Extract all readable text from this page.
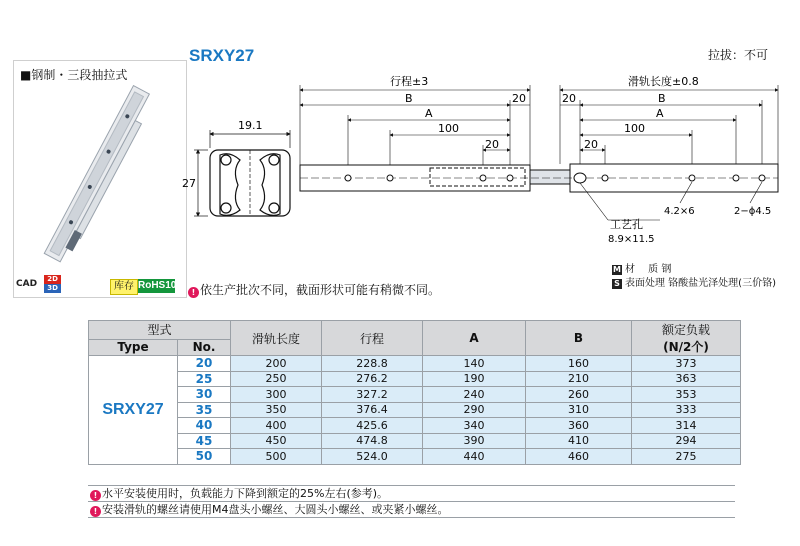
■钢制・三段抽拉式
CAD	2D
3D	库存 RoHS10
SRXY27	拉拔：不可
19.1
27
行程±3
B	20
A
100
20
滑轨长度±0.8
20
A
100
20
B
工艺孔
8.9×11.5
4.2×6	2−ϕ4.5
! 依生产批次不同，截面形状可能有稍微不同。
M 材　 质 钢
S 表面处理 铬酸盐光泽处理(三价铬)
型式		滑轨长度	行程	A	B	额定负载
(N/2个)
Type	No.					
SRXY27	20	200	228.8	140	160	373
	25	250	276.2	190	210	363
	30	300	327.2	240	260	353
	35	350	376.4	290	310	333
	40	400	425.6	340	360	314
	45	450	474.8	390	410	294
	50	500	524.0	440	460	275
! 水平安装使用时，负载能力下降到额定的25%左右(参考)。
! 安装滑轨的螺丝请使用M4盘头小螺丝、大圆头小螺丝、或夹紧小螺丝。
